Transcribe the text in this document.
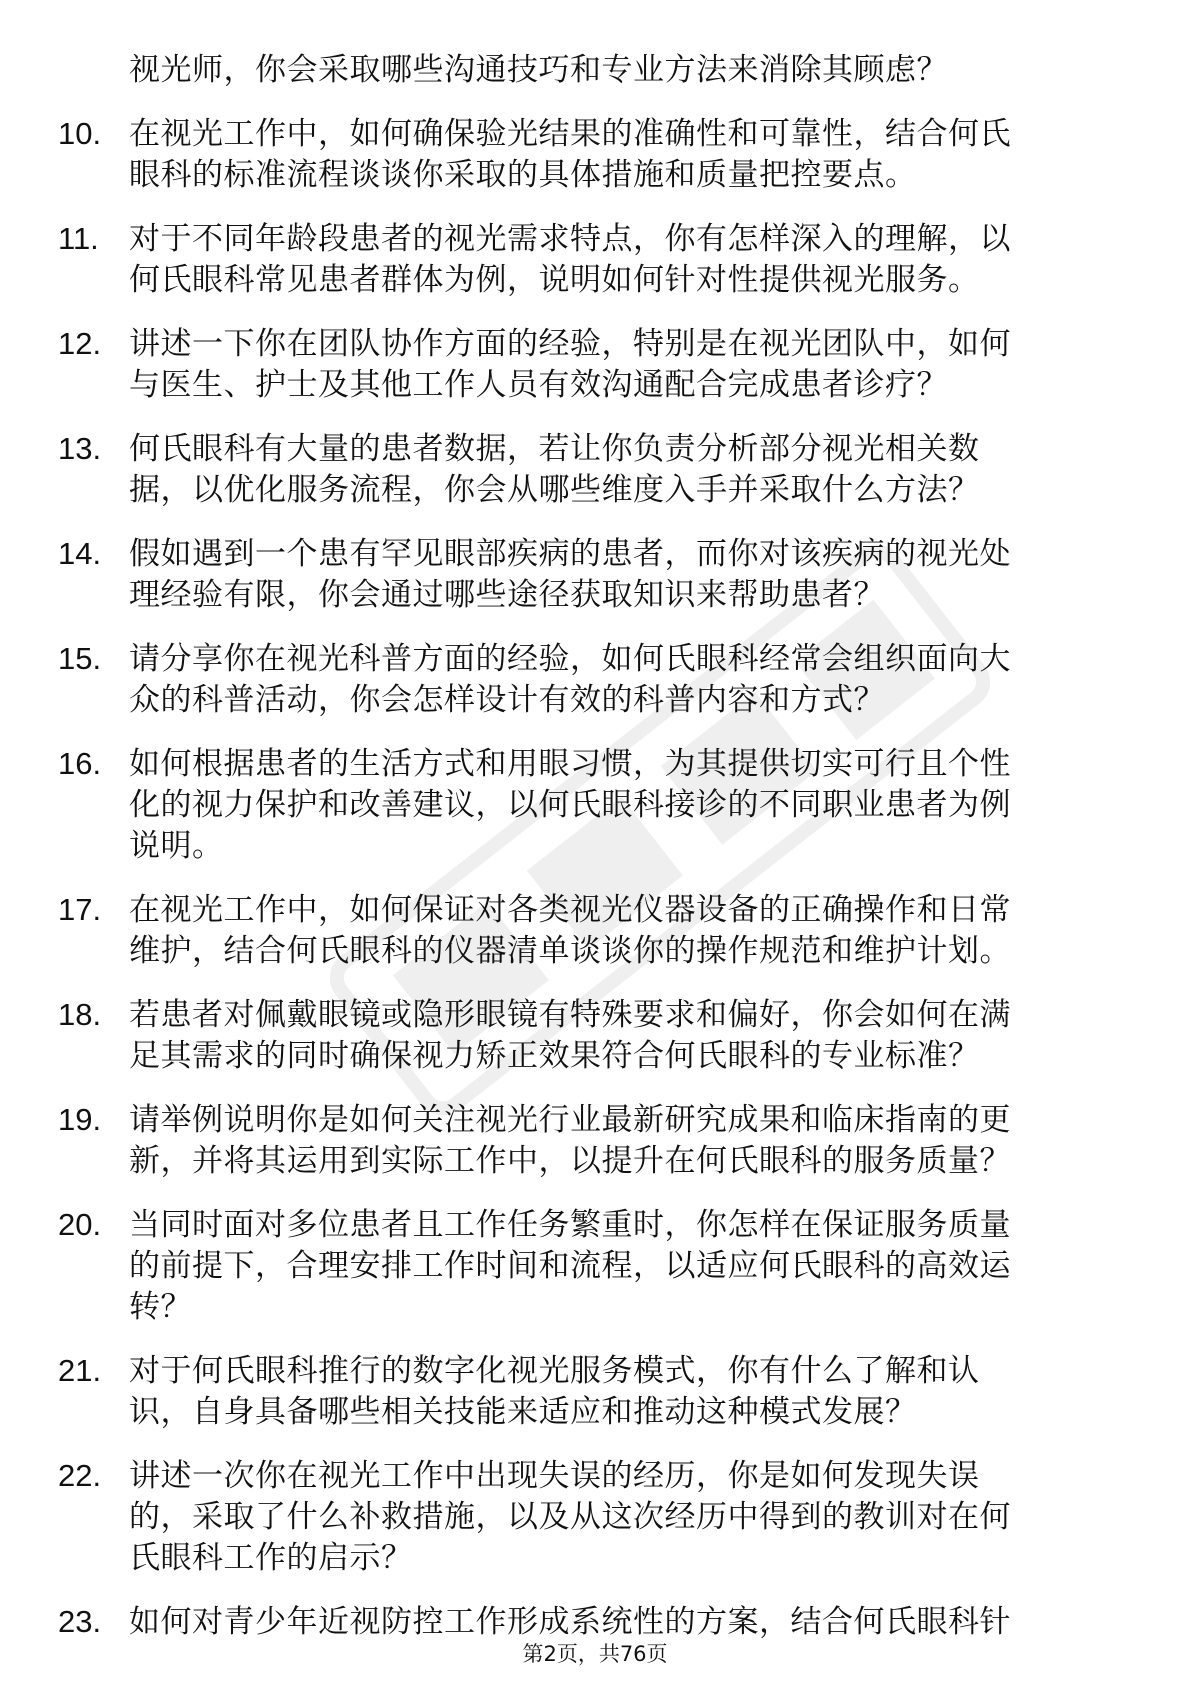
视光师，你会采取哪些沟通技巧和专业方法来消除其顾虑？
10. 在视光工作中，如何确保验光结果的准确性和可靠性，结合何氏
眼科的标准流程谈谈你采取的具体措施和质量把控要点。
11. 对于不同年龄段患者的视光需求特点，你有怎样深入的理解，以
何氏眼科常见患者群体为例，说明如何针对性提供视光服务。
12. 讲述一下你在团队协作方面的经验，特别是在视光团队中，如何
与医生、护士及其他工作人员有效沟通配合完成患者诊疗？
13. 何氏眼科有大量的患者数据，若让你负责分析部分视光相关数
据，以优化服务流程，你会从哪些维度入手并采取什么方法？
14. 假如遇到一个患有罕见眼部疾病的患者，而你对该疾病的视光处
理经验有限，你会通过哪些途径获取知识来帮助患者？
15. 请分享你在视光科普方面的经验，如何氏眼科经常会组织面向大
众的科普活动，你会怎样设计有效的科普内容和方式？
16. 如何根据患者的生活方式和用眼习惯，为其提供切实可行且个性
化的视力保护和改善建议，以何氏眼科接诊的不同职业患者为例
说明。
17. 在视光工作中，如何保证对各类视光仪器设备的正确操作和日常
维护，结合何氏眼科的仪器清单谈谈你的操作规范和维护计划。
18. 若患者对佩戴眼镜或隐形眼镜有特殊要求和偏好，你会如何在满
足其需求的同时确保视力矫正效果符合何氏眼科的专业标准？
19. 请举例说明你是如何关注视光行业最新研究成果和临床指南的更
新，并将其运用到实际工作中，以提升在何氏眼科的服务质量？
20. 当同时面对多位患者且工作任务繁重时，你怎样在保证服务质量
的前提下，合理安排工作时间和流程，以适应何氏眼科的高效运
转？
21. 对于何氏眼科推行的数字化视光服务模式，你有什么了解和认
识，自身具备哪些相关技能来适应和推动这种模式发展？
22. 讲述一次你在视光工作中出现失误的经历，你是如何发现失误
的，采取了什么补救措施，以及从这次经历中得到的教训对在何
氏眼科工作的启示？
23. 如何对青少年近视防控工作形成系统性的方案，结合何氏眼科针
第2页，共76页
